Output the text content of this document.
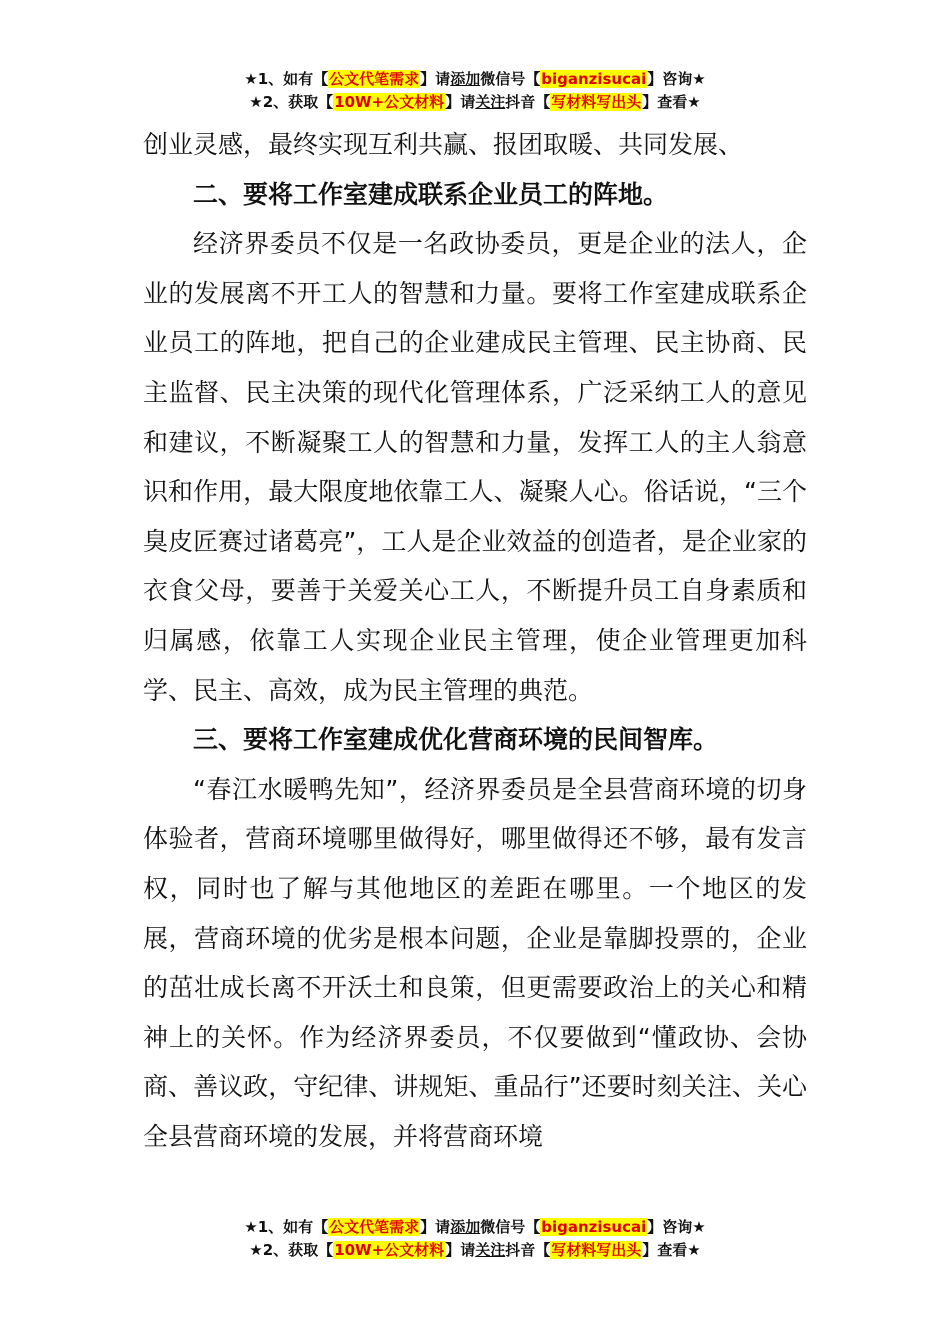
★1、如有【公文代笔需求】请添加微信号【biganzisucai】咨询★
★2、获取【10W+公文材料】请关注抖音【写材料写出头】查看★

创业灵感，最终实现互利共赢、报团取暖、共同发展、

二、要将工作室建成联系企业员工的阵地。

经济界委员不仅是一名政协委员，更是企业的法人，企业的发展离不开工人的智慧和力量。要将工作室建成联系企业员工的阵地，把自己的企业建成民主管理、民主协商、民主监督、民主决策的现代化管理体系，广泛采纳工人的意见和建议，不断凝聚工人的智慧和力量，发挥工人的主人翁意识和作用，最大限度地依靠工人、凝聚人心。俗话说，“三个臭皮匠赛过诸葛亮”，工人是企业效益的创造者，是企业家的衣食父母，要善于关爱关心工人，不断提升员工自身素质和归属感，依靠工人实现企业民主管理，使企业管理更加科学、民主、高效，成为民主管理的典范。

三、要将工作室建成优化营商环境的民间智库。

“春江水暖鸭先知”，经济界委员是全县营商环境的切身体验者，营商环境哪里做得好，哪里做得还不够，最有发言权，同时也了解与其他地区的差距在哪里。一个地区的发展，营商环境的优劣是根本问题，企业是靠脚投票的，企业的茁壮成长离不开沃土和良策，但更需要政治上的关心和精神上的关怀。作为经济界委员，不仅要做到“懂政协、会协商、善议政，守纪律、讲规矩、重品行”还要时刻关注、关心全县营商环境的发展，并将营商环境

★1、如有【公文代笔需求】请添加微信号【biganzisucai】咨询★
★2、获取【10W+公文材料】请关注抖音【写材料写出头】查看★
